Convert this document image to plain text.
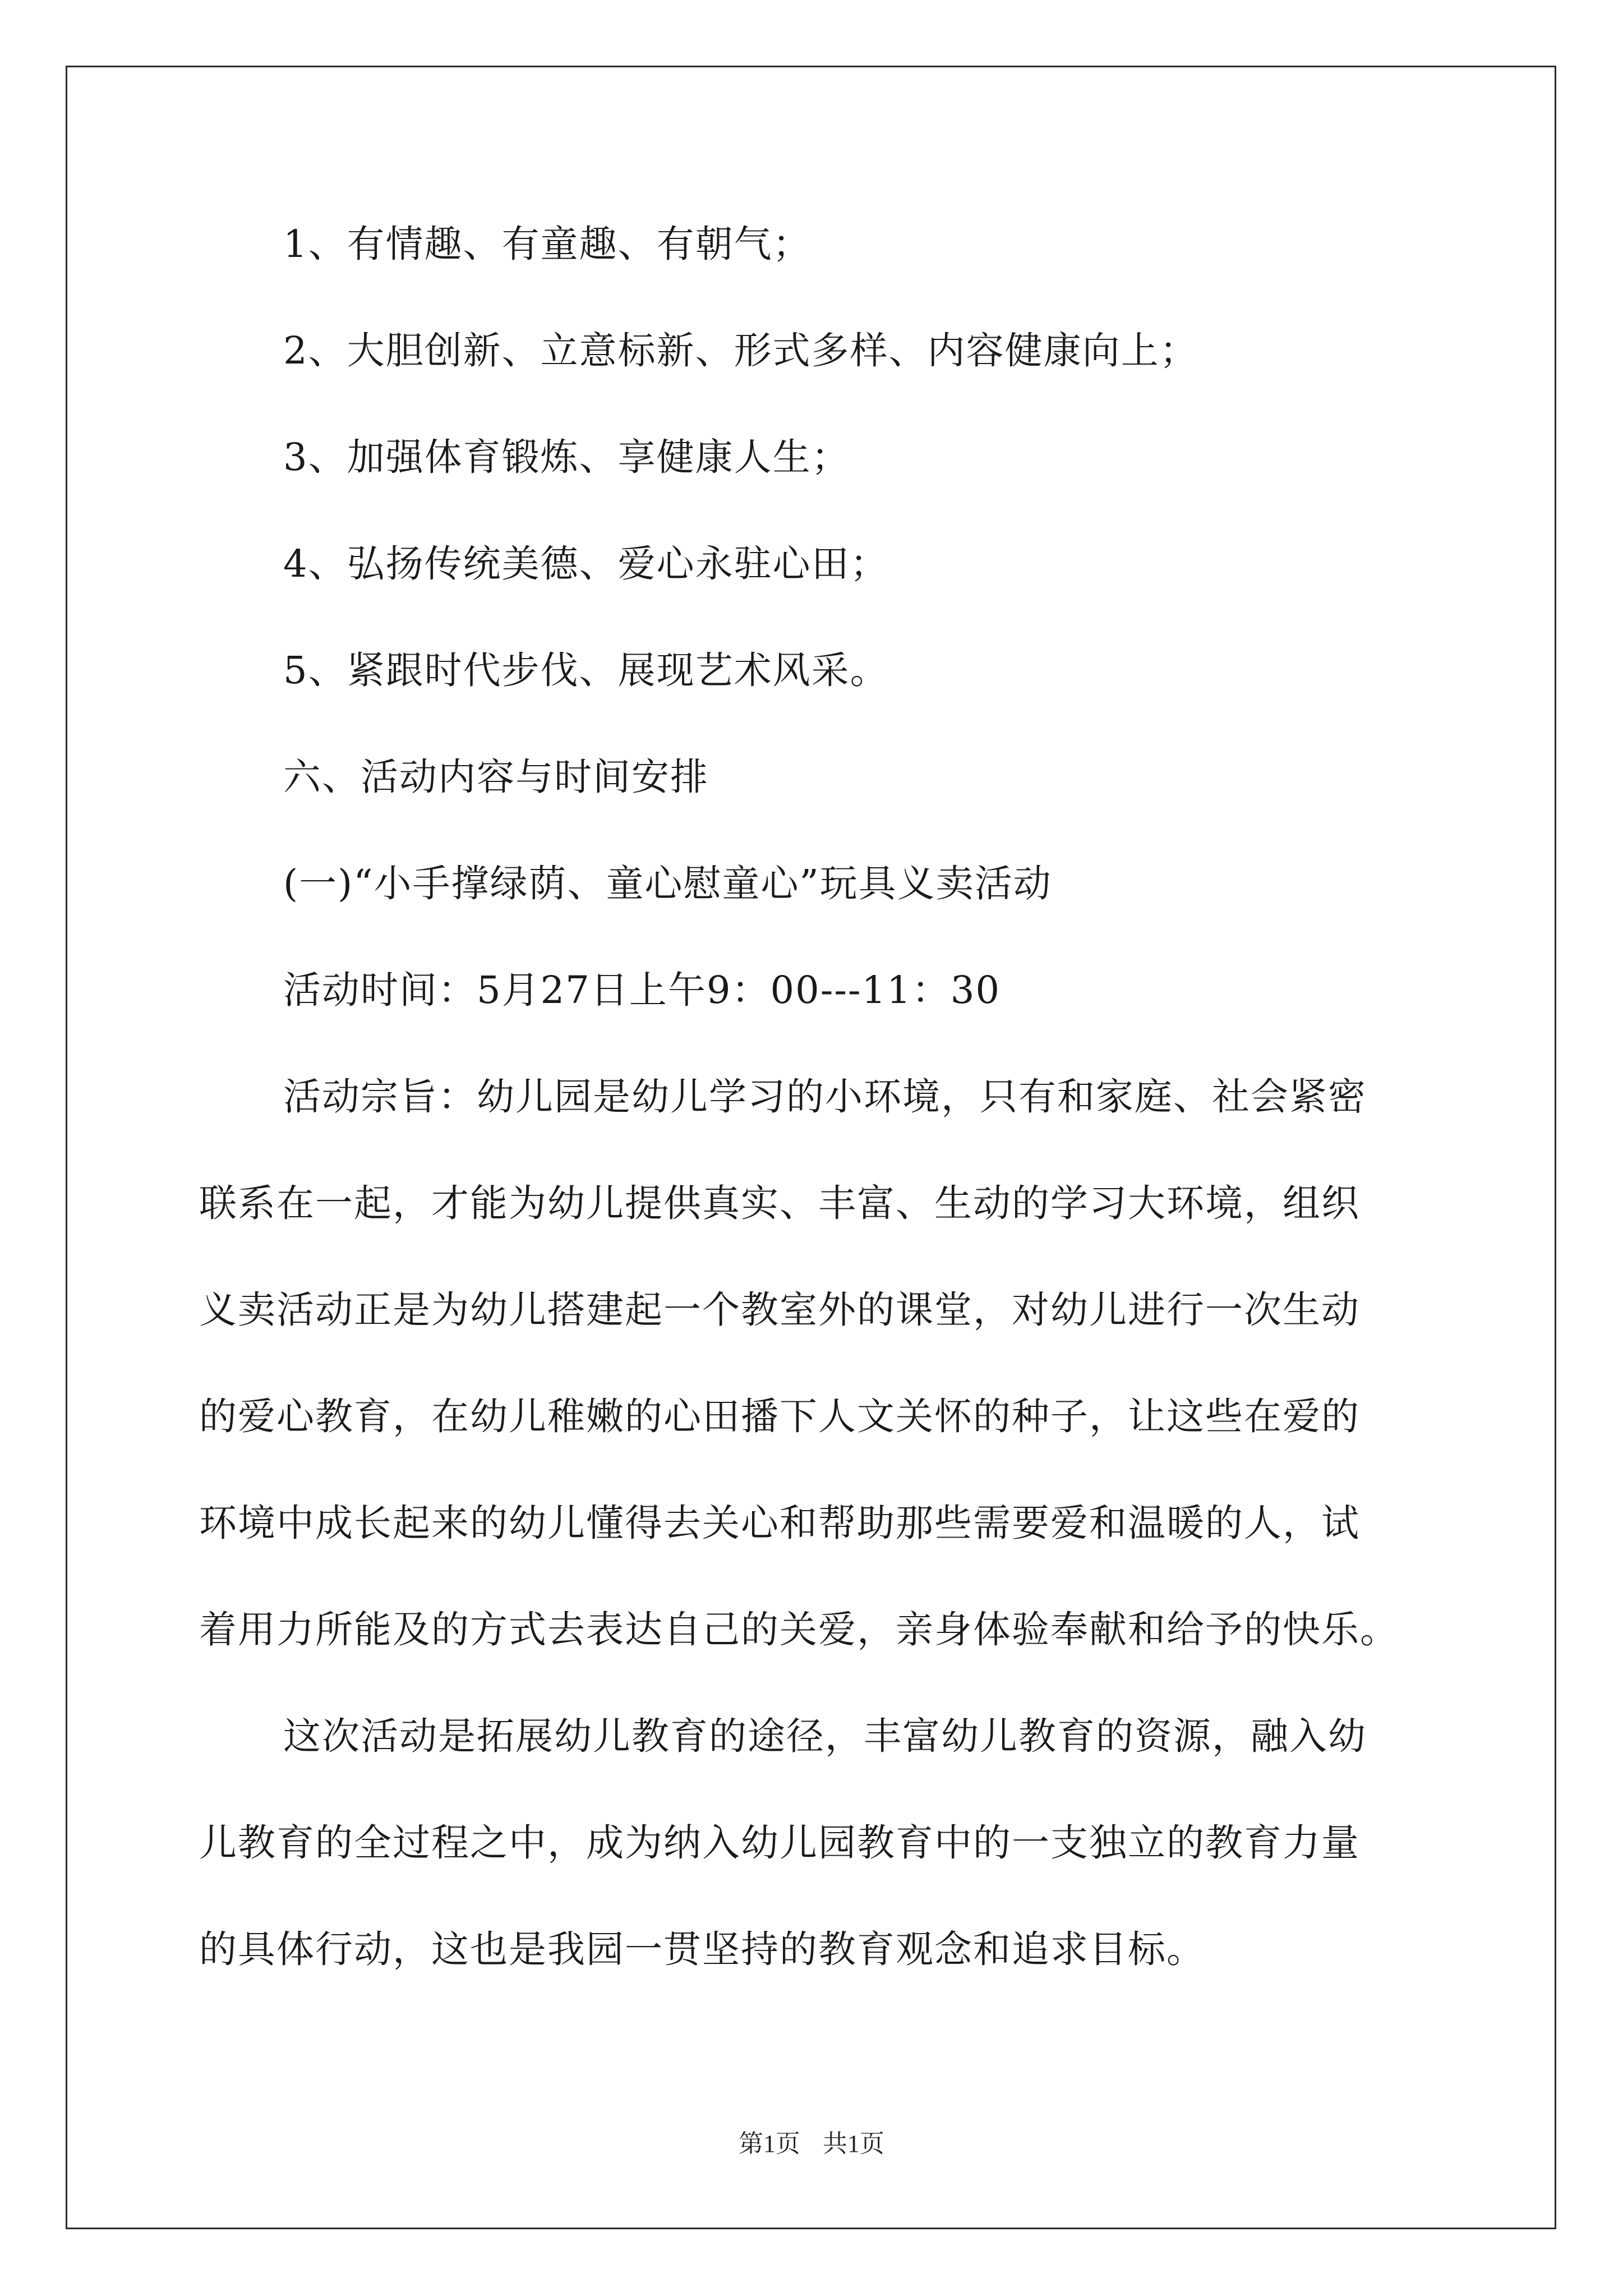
1、有情趣、有童趣、有朝气；
2、大胆创新、立意标新、形式多样、内容健康向上；
3、加强体育锻炼、享健康人生；
4、弘扬传统美德、爱心永驻心田；
5、紧跟时代步伐、展现艺术风采。
六、活动内容与时间安排
(一)“小手撑绿荫、童心慰童心”玩具义卖活动
活动时间：5月27日上午9：00---11：30
活动宗旨：幼儿园是幼儿学习的小环境，只有和家庭、社会紧密
联系在一起，才能为幼儿提供真实、丰富、生动的学习大环境，组织
义卖活动正是为幼儿搭建起一个教室外的课堂，对幼儿进行一次生动
的爱心教育，在幼儿稚嫩的心田播下人文关怀的种子，让这些在爱的
环境中成长起来的幼儿懂得去关心和帮助那些需要爱和温暖的人，试
着用力所能及的方式去表达自己的关爱，亲身体验奉献和给予的快乐。
这次活动是拓展幼儿教育的途径，丰富幼儿教育的资源，融入幼
儿教育的全过程之中，成为纳入幼儿园教育中的一支独立的教育力量
的具体行动，这也是我园一贯坚持的教育观念和追求目标。
第1页 共1页
